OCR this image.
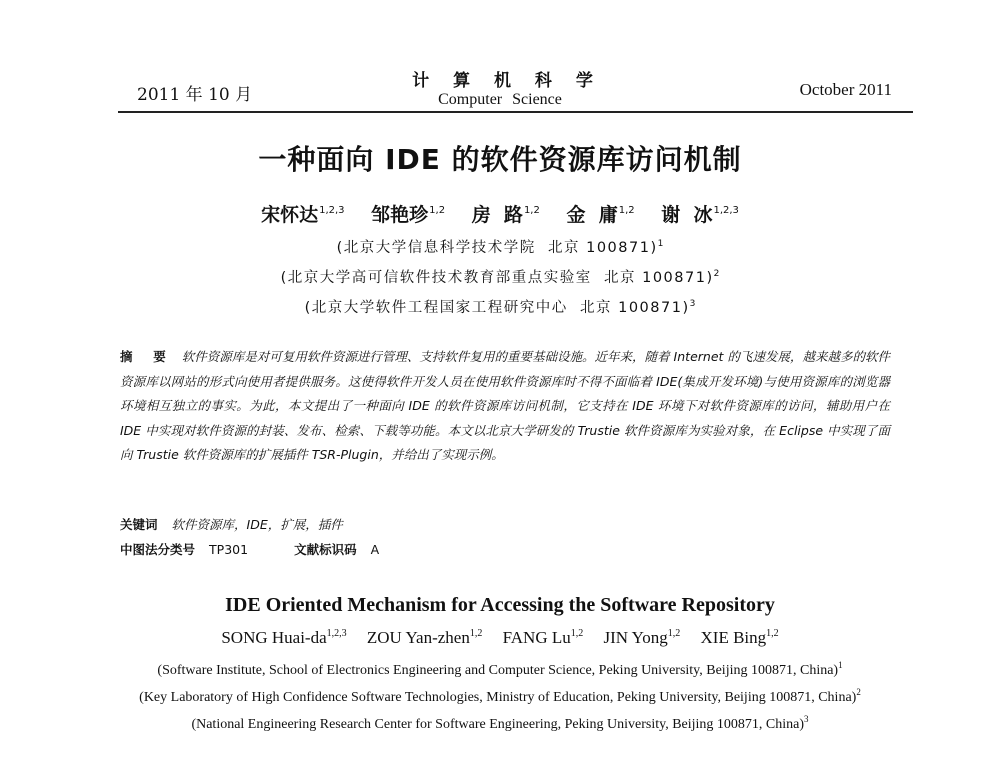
2011 年 10 月
计 算 机 科 学
Computer Science
October 2011
一种面向 IDE 的软件资源库访问机制
宋怀达$^{1,2,3}$ 邹艳珍$^{1,2}$ 房  路$^{1,2}$ 金  庸$^{1,2}$ 谢  冰$^{1,2,3}$
(北京大学信息科学技术学院  北京 100871)$^1$
(北京大学高可信软件技术教育部重点实验室  北京 100871)$^2$
(北京大学软件工程国家工程研究中心  北京 100871)$^3$
摘  要 软件资源库是对可复用软件资源进行管理、支持软件复用的重要基础设施。近年来，随着 Internet 的飞速发展，越来越多的软件资源库以网站的形式向使用者提供服务。这使得软件开发人员在使用软件资源库时不得不面临着 IDE(集成开发环境)与使用资源库的浏览器环境相互独立的事实。为此，本文提出了一种面向 IDE 的软件资源库访问机制，它支持在 IDE 环境下对软件资源库的访问，辅助用户在 IDE 中实现对软件资源的封装、发布、检索、下载等功能。本文以北京大学研发的 Trustie 软件资源库为实验对象，在 Eclipse 中实现了面向 Trustie 软件资源库的扩展插件 TSR-Plugin，并给出了实现示例。
关键词 软件资源库，IDE，扩展，插件
中图法分类号 TP301	文献标识码 A
IDE Oriented Mechanism for Accessing the Software Repository
SONG Huai-da$^{1,2,3}$ ZOU Yan-zhen$^{1,2}$ FANG Lu$^{1,2}$ JIN Yong$^{1,2}$ XIE Bing$^{1,2}$
(Software Institute, School of Electronics Engineering and Computer Science, Peking University, Beijing 100871, China)$^1$
(Key Laboratory of High Confidence Software Technologies, Ministry of Education, Peking University, Beijing 100871, China)$^2$
(National Engineering Research Center for Software Engineering, Peking University, Beijing 100871, China)$^3$
